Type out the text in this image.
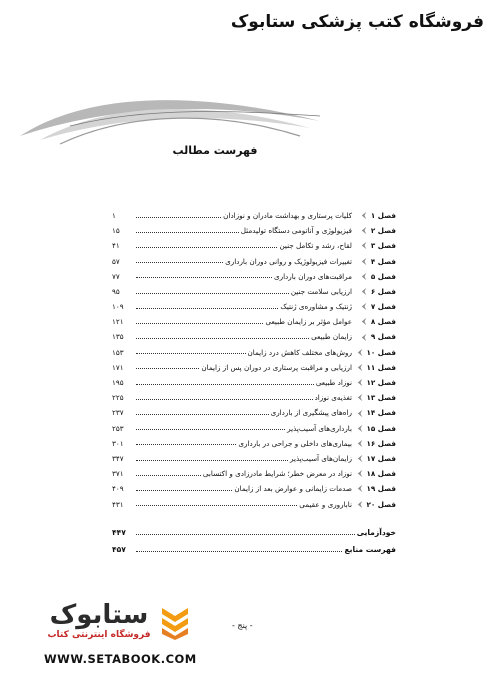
فروشگاه کتب پزشکی ستابوک
فهرست مطالب
فصل ۱
کلیات پرستاری و بهداشت مادران و نوزادان
۱
فصل ۲
فیزیولوژی و آناتومی دستگاه تولیدمثل
۱۵
فصل ۳
لقاح، رشد و تکامل جنین
۴۱
فصل ۴
تغییرات فیزیولوژیک و روانی دوران بارداری
۵۷
فصل ۵
مراقبت‌های دوران بارداری
۷۷
فصل ۶
ارزیابی سلامت جنین
۹۵
فصل ۷
ژنتیک و مشاوره‌ی ژنتیک
۱۰۹
فصل ۸
عوامل مؤثر بر زایمان طبیعی
۱۲۱
فصل ۹
زایمان طبیعی
۱۳۵
فصل ۱۰
روش‌های مختلف کاهش درد زایمان
۱۵۳
فصل ۱۱
ارزیابی و مراقبت پرستاری در دوران پس از زایمان
۱۷۱
فصل ۱۲
نوزاد طبیعی
۱۹۵
فصل ۱۳
تغذیه‌ی نوزاد
۲۲۵
فصل ۱۴
راه‌های پیشگیری از بارداری
۲۳۷
فصل ۱۵
بارداری‌های آسیب‌پذیر
۲۵۳
فصل ۱۶
بیماری‌های داخلی و جراحی در بارداری
۳۰۱
فصل ۱۷
زایمان‌های آسیب‌پذیر
۳۴۷
فصل ۱۸
نوزاد در معرض خطر؛ شرایط مادرزادی و اکتسابی
۳۷۱
فصل ۱۹
صدمات زایمانی و عوارض بعد از زایمان
۴۰۹
فصل ۲۰
ناباروری و عقیمی
۴۳۱
خودآزمایی
۴۴۷
فهرست منابع
۴۵۷
- پنج -
ستابوک
فروشگاه اینترنتی کتاب
WWW.SETABOOK.COM
